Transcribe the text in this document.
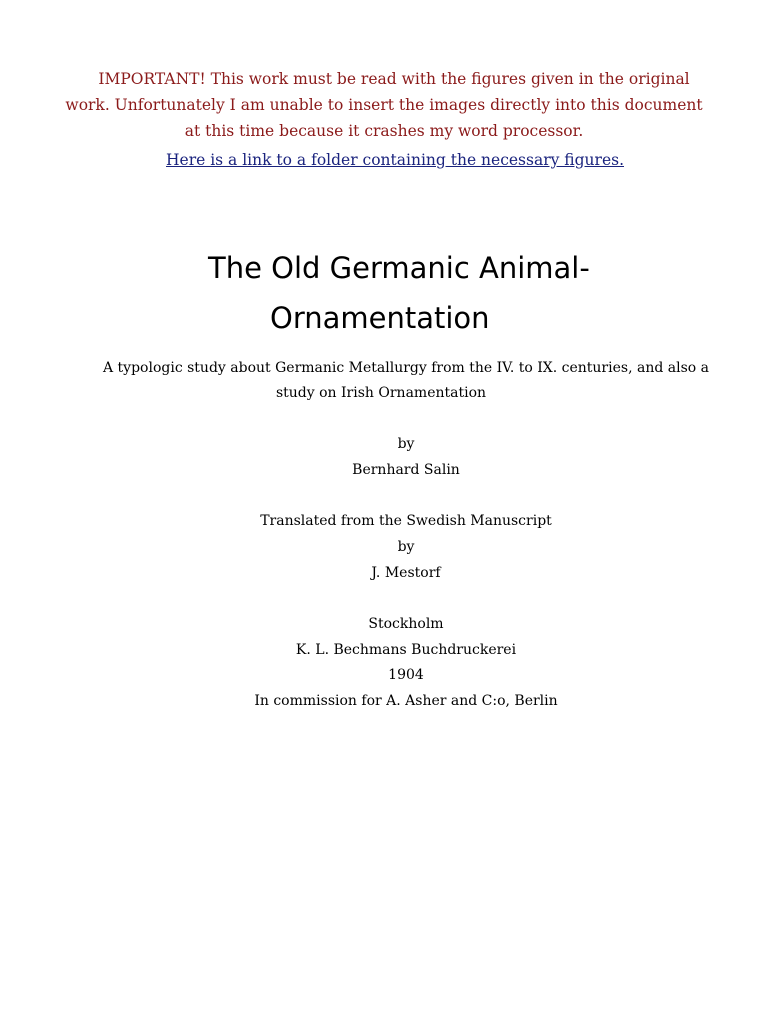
IMPORTANT! This work must be read with the figures given in the original
work. Unfortunately I am unable to insert the images directly into this document
at this time because it crashes my word processor.
Here is a link to a folder containing the necessary figures.
The Old Germanic Animal-
Ornamentation
A typologic study about Germanic Metallurgy from the IV. to IX. centuries, and also a
study on Irish Ornamentation
by
Bernhard Salin
Translated from the Swedish Manuscript
by
J. Mestorf
Stockholm
K. L. Bechmans Buchdruckerei
1904
In commission for A. Asher and C:o, Berlin
